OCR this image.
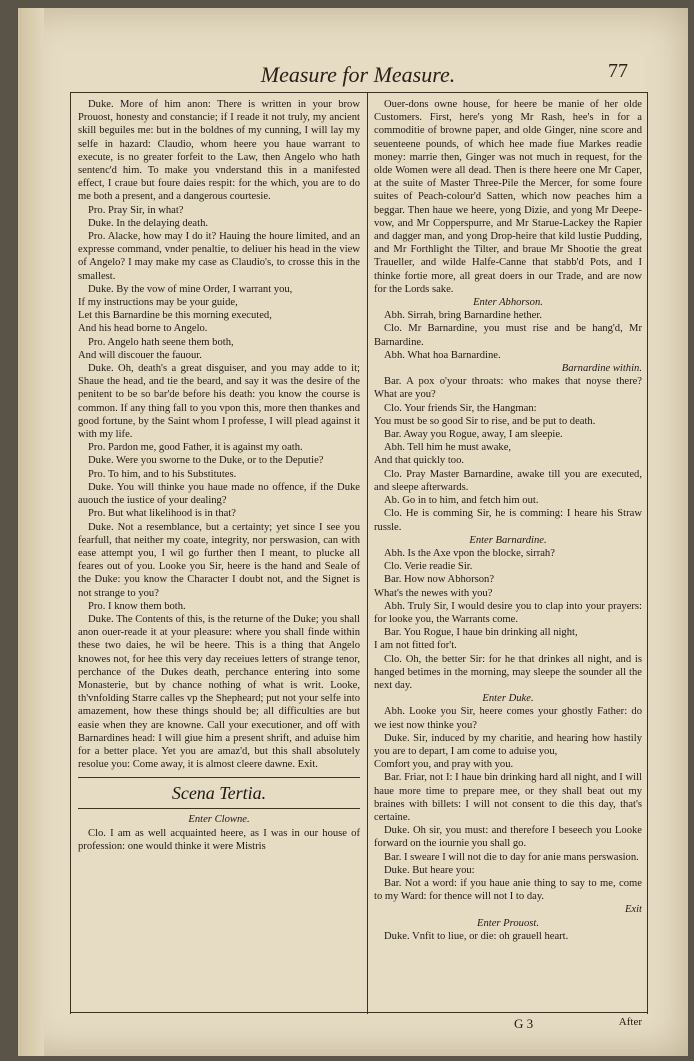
Measure for Measure.	77

Duke. More of him anon: There is written in your brow Prouost, honesty and constancie; if I reade it not truly, my ancient skill beguiles me: but in the boldnes of my cunning, I will lay my selfe in hazard: Claudio, whom heere you haue warrant to execute, is no greater forfeit to the Law, then Angelo who hath sentenc'd him. To make you vnderstand this in a manifested effect, I craue but foure daies respit: for the which, you are to do me both a present, and a dangerous courtesie.

Pro. Pray Sir, in what?

Duke. In the delaying death.

Pro. Alacke, how may I do it? Hauing the houre limited, and an expresse command, vnder penaltie, to deliuer his head in the view of Angelo? I may make my case as Claudio's, to crosse this in the smallest.

Duke. By the vow of mine Order, I warrant you,

If my instructions may be your guide,

Let this Barnardine be this morning executed,

And his head borne to Angelo.

Pro. Angelo hath seene them both,

And will discouer the fauour.

Duke. Oh, death's a great disguiser, and you may adde to it; Shaue the head, and tie the beard, and say it was the desire of the penitent to be so bar'de before his death: you know the course is common. If any thing fall to you vpon this, more then thankes and good fortune, by the Saint whom I professe, I will plead against it with my life.

Pro. Pardon me, good Father, it is against my oath.

Duke. Were you sworne to the Duke, or to the Deputie?

Pro. To him, and to his Substitutes.

Duke. You will thinke you haue made no offence, if the Duke auouch the iustice of your dealing?

Pro. But what likelihood is in that?

Duke. Not a resemblance, but a certainty; yet since I see you fearfull, that neither my coate, integrity, nor perswasion, can with ease attempt you, I wil go further then I meant, to plucke all feares out of you. Looke you Sir, heere is the hand and Seale of the Duke: you know the Character I doubt not, and the Signet is not strange to you?

Pro. I know them both.

Duke. The Contents of this, is the returne of the Duke; you shall anon ouer-reade it at your pleasure: where you shall finde within these two daies, he wil be heere. This is a thing that Angelo knowes not, for hee this very day receiues letters of strange tenor, perchance of the Dukes death, perchance entering into some Monasterie, but by chance nothing of what is writ. Looke, th'vnfolding Starre calles vp the Shepheard; put not your selfe into amazement, how these things should be; all difficulties are but easie when they are knowne. Call your executioner, and off with Barnardines head: I will giue him a present shrift, and aduise him for a better place. Yet you are amaz'd, but this shall absolutely resolue you: Come away, it is almost cleere dawne. Exit.

Scena Tertia.

Enter Clowne.

Clo. I am as well acquainted heere, as I was in our house of profession: one would thinke it were Mistris

Ouer-dons owne house, for heere be manie of her olde Customers. First, here's yong Mr Rash, hee's in for a commoditie of browne paper, and olde Ginger, nine score and seuenteene pounds, of which hee made fiue Markes readie money: marrie then, Ginger was not much in request, for the olde Women were all dead. Then is there heere one Mr Caper, at the suite of Master Three-Pile the Mercer, for some foure suites of Peach-colour'd Satten, which now peaches him a beggar. Then haue we heere, yong Dizie, and yong Mr Deepe-vow, and Mr Copperspurre, and Mr Starue-Lackey the Rapier and dagger man, and yong Drop-heire that kild lustie Pudding, and Mr Forthlight the Tilter, and braue Mr Shootie the great Traueller, and wilde Halfe-Canne that stabb'd Pots, and I thinke fortie more, all great doers in our Trade, and are now for the Lords sake.

Enter Abhorson.

Abh. Sirrah, bring Barnardine hether.

Clo. Mr Barnardine, you must rise and be hang'd, Mr Barnardine.

Abh. What hoa Barnardine.

Barnardine within.

Bar. A pox o'your throats: who makes that noyse there? What are you?

Clo. Your friends Sir, the Hangman:

You must be so good Sir to rise, and be put to death.

Bar. Away you Rogue, away, I am sleepie.

Abh. Tell him he must awake,

And that quickly too.

Clo. Pray Master Barnardine, awake till you are executed, and sleepe afterwards.

Ab. Go in to him, and fetch him out.

Clo. He is comming Sir, he is comming: I heare his Straw russle.

Enter Barnardine.

Abh. Is the Axe vpon the blocke, sirrah?

Clo. Verie readie Sir.

Bar. How now Abhorson?

What's the newes with you?

Abh. Truly Sir, I would desire you to clap into your prayers: for looke you, the Warrants come.

Bar. You Rogue, I haue bin drinking all night,

I am not fitted for't.

Clo. Oh, the better Sir: for he that drinkes all night, and is hanged betimes in the morning, may sleepe the sounder all the next day.

Enter Duke.

Abh. Looke you Sir, heere comes your ghostly Father: do we iest now thinke you?

Duke. Sir, induced by my charitie, and hearing how hastily you are to depart, I am come to aduise you,

Comfort you, and pray with you.

Bar. Friar, not I: I haue bin drinking hard all night, and I will haue more time to prepare mee, or they shall beat out my braines with billets: I will not consent to die this day, that's certaine.

Duke. Oh sir, you must: and therefore I beseech you Looke forward on the iournie you shall go.

Bar. I sweare I will not die to day for anie mans perswasion.

Duke. But heare you:

Bar. Not a word: if you haue anie thing to say to me, come to my Ward: for thence will not I to day.

Exit

Enter Prouost.

Duke. Vnfit to liue, or die: oh grauell heart.

G 3	After
